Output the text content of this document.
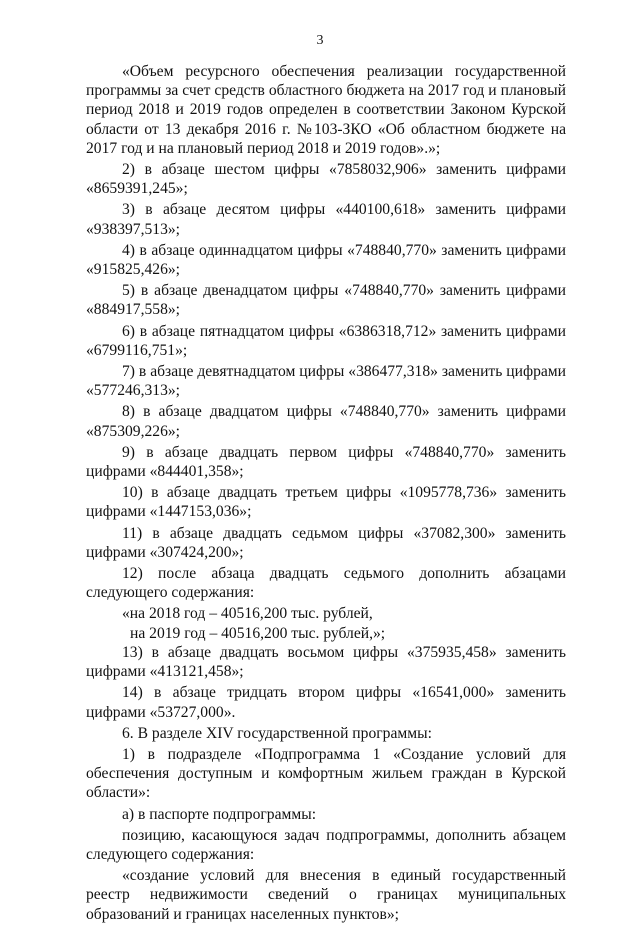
3

«Объем ресурсного обеспечения реализации государственной программы за счет средств областного бюджета на 2017 год и плановый период 2018 и 2019 годов определен в соответствии Законом Курской области от 13 декабря 2016 г. №103-ЗКО «Об областном бюджете на 2017 год и на плановый период 2018 и 2019 годов».»;

2) в абзаце шестом цифры «7858032,906» заменить цифрами «8659391,245»;

3) в абзаце десятом цифры «440100,618» заменить цифрами «938397,513»;

4) в абзаце одиннадцатом цифры «748840,770» заменить цифрами «915825,426»;

5) в абзаце двенадцатом цифры «748840,770» заменить цифрами «884917,558»;

6) в абзаце пятнадцатом цифры «6386318,712» заменить цифрами «6799116,751»;

7) в абзаце девятнадцатом цифры «386477,318» заменить цифрами «577246,313»;

8) в абзаце двадцатом цифры «748840,770» заменить цифрами «875309,226»;

9) в абзаце двадцать первом цифры «748840,770» заменить цифрами «844401,358»;

10) в абзаце двадцать третьем цифры «1095778,736» заменить цифрами «1447153,036»;

11) в абзаце двадцать седьмом цифры «37082,300» заменить цифрами «307424,200»;

12) после абзаца двадцать седьмого дополнить абзацами следующего содержания:

«на 2018 год – 40516,200 тыс. рублей,

на 2019 год – 40516,200 тыс. рублей,»;

13) в абзаце двадцать восьмом цифры «375935,458» заменить цифрами «413121,458»;

14) в абзаце тридцать втором цифры «16541,000» заменить цифрами «53727,000».

6. В разделе XIV государственной программы:

1) в подразделе «Подпрограмма 1 «Создание условий для обеспечения доступным и комфортным жильем граждан в Курской области»:

а) в паспорте подпрограммы:

позицию, касающуюся задач подпрограммы, дополнить абзацем следующего содержания:

«создание условий для внесения в единый государственный реестр недвижимости сведений о границах муниципальных образований и границах населенных пунктов»;
